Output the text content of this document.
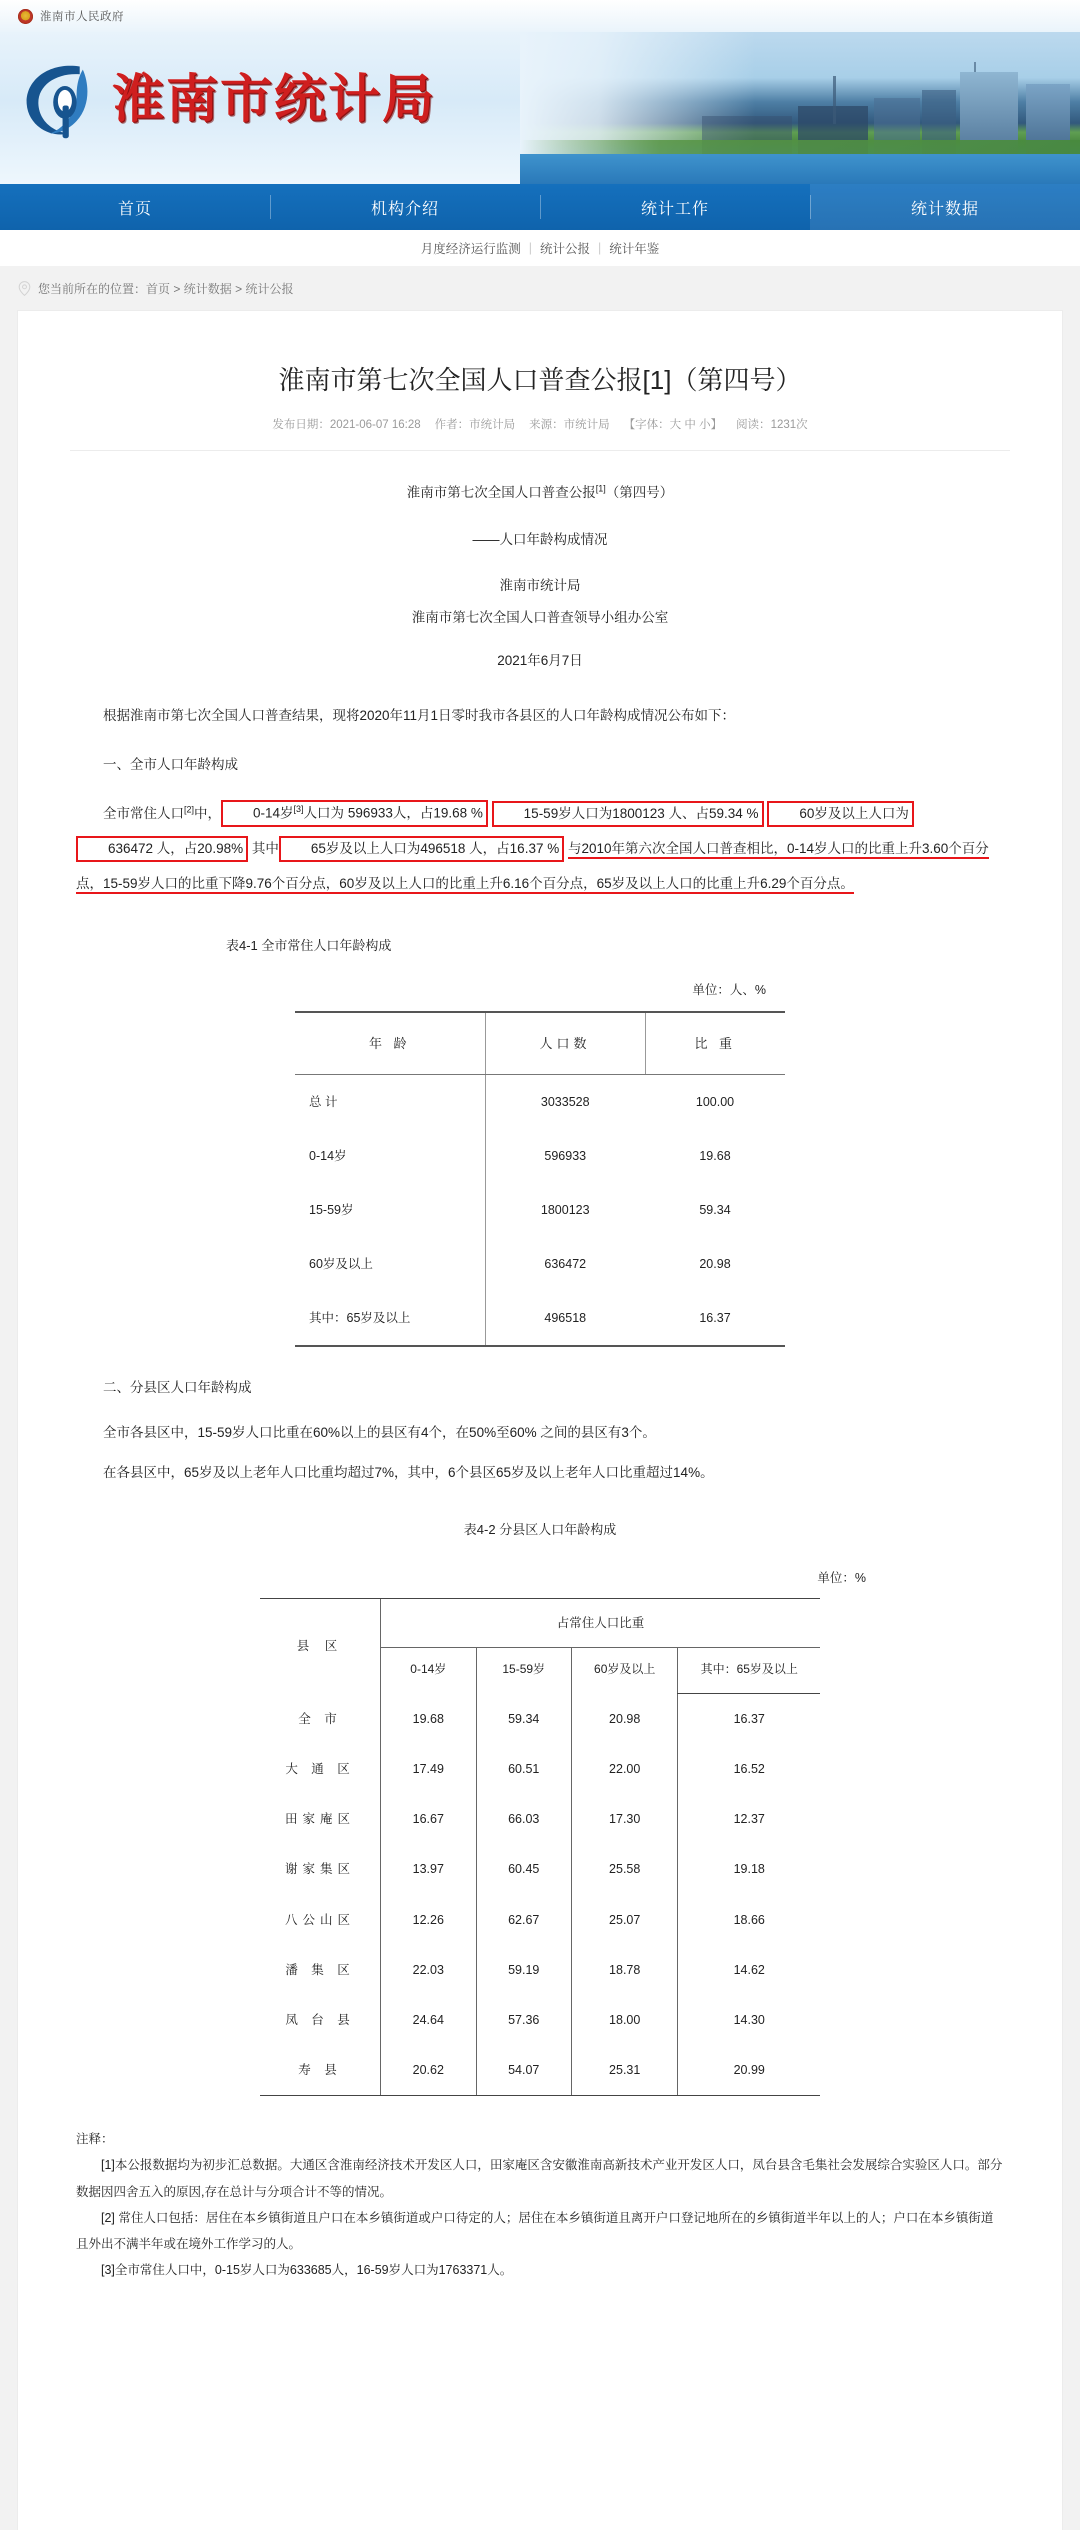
淮南市人民政府
淮南市统计局
首页	机构介绍	统计工作	统计数据
月度经济运行监测 | 统计公报 | 统计年鉴
您当前所在的位置：首页 > 统计数据 > 统计公报
淮南市第七次全国人口普查公报[1]（第四号）
发布日期：2021-06-07 16:28 作者：市统计局 来源：市统计局 【字体：大 中 小】 阅读：1231次
淮南市第七次全国人口普查公报[1]（第四号）
——人口年龄构成情况
淮南市统计局
淮南市第七次全国人口普查领导小组办公室
2021年6月7日

根据淮南市第七次全国人口普查结果，现将2020年11月1日零时我市各县区的人口年龄构成情况公布如下：

一、全市人口年龄构成

全市常住人口[2]中， 0-14岁[3]人口为 596933人，占19.68 %	15-59岁人口为1800123 人、占59.34 %	60岁及以上人口为636472 人，占20.98% 其中 65岁及以上人口为496518 人，占16.37 % 与2010年第六次全国人口普查相比，0-14岁人口的比重上升3.60个百分点，15-59岁人口的比重下降9.76个百分点，60岁及以上人口的比重上升6.16个百分点，65岁及以上人口的比重上升6.29个百分点。

表4-1 全市常住人口年龄构成
单位：人、%
年 龄	人口数	比 重
总 计	3033528	100.00
0-14岁	596933	19.68
15-59岁	1800123	59.34
60岁及以上	636472	20.98
其中：65岁及以上	496518	16.37

二、分县区人口年龄构成

全市各县区中，15-59岁人口比重在60%以上的县区有4个，在50%至60% 之间的县区有3个。

在各县区中，65岁及以上老年人口比重均超过7%，其中，6个县区65岁及以上老年人口比重超过14%。

表4-2 分县区人口年龄构成
单位：%
县 区	占常住人口比重			
	0-14岁	15-59岁	60岁及以上	其中：65岁及以上
全 市	19.68	59.34	20.98	16.37
大 通 区	17.49	60.51	22.00	16.52
田家庵区	16.67	66.03	17.30	12.37
谢家集区	13.97	60.45	25.58	19.18
八公山区	12.26	62.67	25.07	18.66
潘 集 区	22.03	59.19	18.78	14.62
凤 台 县	24.64	57.36	18.00	14.30
寿 县	20.62	54.07	25.31	20.99
注释：
[1]本公报数据均为初步汇总数据。大通区含淮南经济技术开发区人口，田家庵区含安徽淮南高新技术产业开发区人口，凤台县含毛集社会发展综合实验区人口。部分数据因四舍五入的原因,存在总计与分项合计不等的情况。
[2] 常住人口包括：居住在本乡镇街道且户口在本乡镇街道或户口待定的人；居住在本乡镇街道且离开户口登记地所在的乡镇街道半年以上的人；户口在本乡镇街道且外出不满半年或在境外工作学习的人。
[3]全市常住人口中，0-15岁人口为633685人，16-59岁人口为1763371人。
